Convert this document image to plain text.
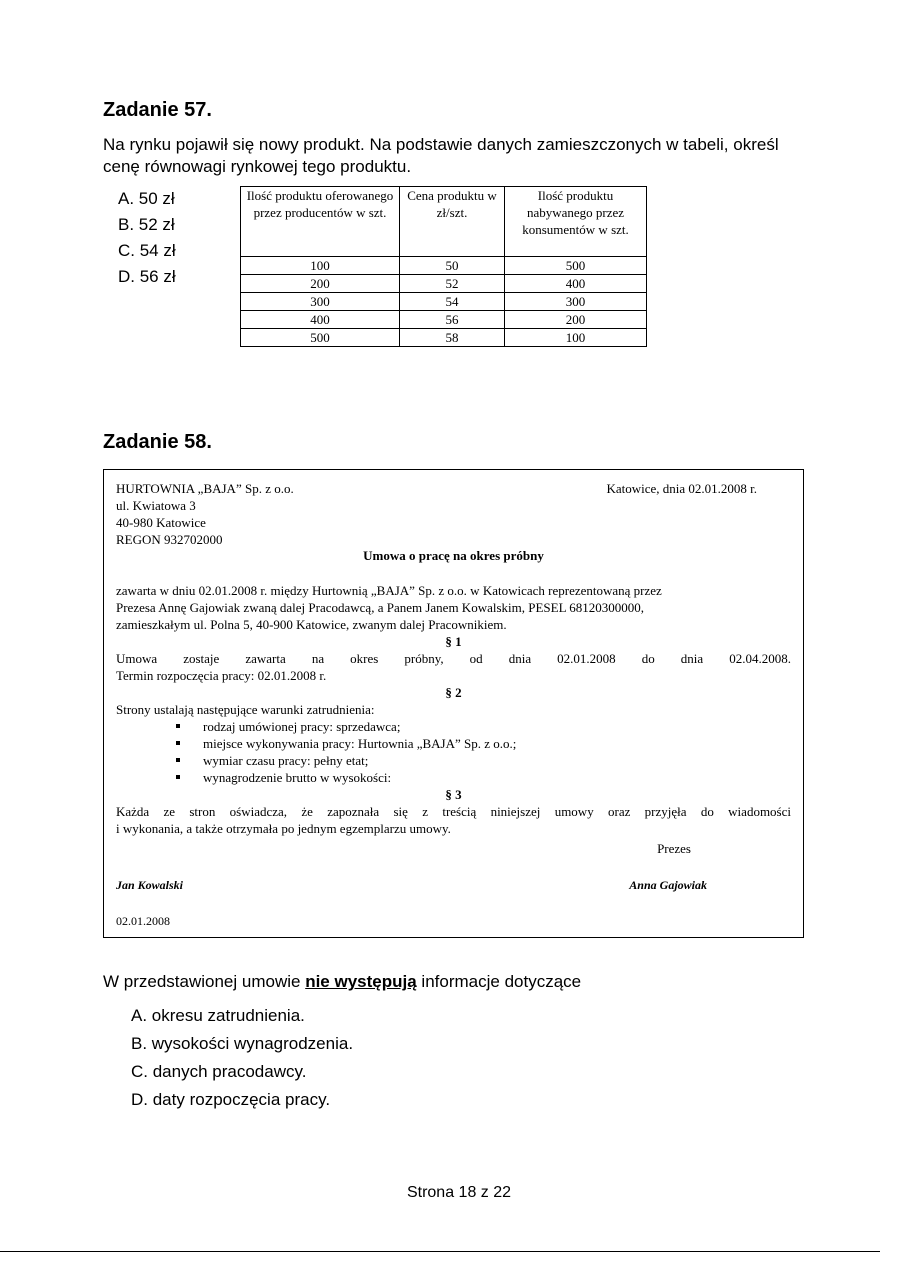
Zadanie 57.
Na rynku pojawił się nowy produkt. Na podstawie danych zamieszczonych w tabeli, określ cenę równowagi rynkowej tego produktu.
A. 50 zł
B. 52 zł
C. 54 zł
D. 56 zł
Ilość produktu oferowanego przez producentów w szt.	Cena produktu w zł/szt.	Ilość produktu nabywanego przez konsumentów w szt.
100	50	500
200	52	400
300	54	300
400	56	200
500	58	100
Zadanie 58.
HURTOWNIA „BAJA” Sp. z o.o.
ul. Kwiatowa 3
40-980 Katowice
REGON 932702000
Katowice, dnia 02.01.2008 r.
Umowa o pracę na okres próbny
zawarta w dniu 02.01.2008 r. między Hurtownią „BAJA” Sp. z o.o. w Katowicach reprezentowaną przez
Prezesa Annę Gajowiak zwaną dalej Pracodawcą, a Panem Janem Kowalskim, PESEL 68120300000,
zamieszkałym ul. Polna 5, 40-900 Katowice, zwanym dalej Pracownikiem.
§ 1
Umowa zostaje zawarta na okres próbny, od dnia 02.01.2008 do dnia 02.04.2008.
Termin rozpoczęcia pracy: 02.01.2008 r.
§ 2
Strony ustalają następujące warunki zatrudnienia:
rodzaj umówionej pracy: sprzedawca;
miejsce wykonywania pracy: Hurtownia „BAJA” Sp. z o.o.;
wymiar czasu pracy: pełny etat;
wynagrodzenie brutto w wysokości:
§ 3
Każda ze stron oświadcza, że zapoznała się z treścią niniejszej umowy oraz przyjęła do wiadomości
i wykonania, a także otrzymała po jednym egzemplarzu umowy.
Prezes
Jan Kowalski	Anna Gajowiak
02.01.2008
W przedstawionej umowie nie występują informacje dotyczące
A. okresu zatrudnienia.
B. wysokości wynagrodzenia.
C. danych pracodawcy.
D. daty rozpoczęcia pracy.
Strona 18 z 22
